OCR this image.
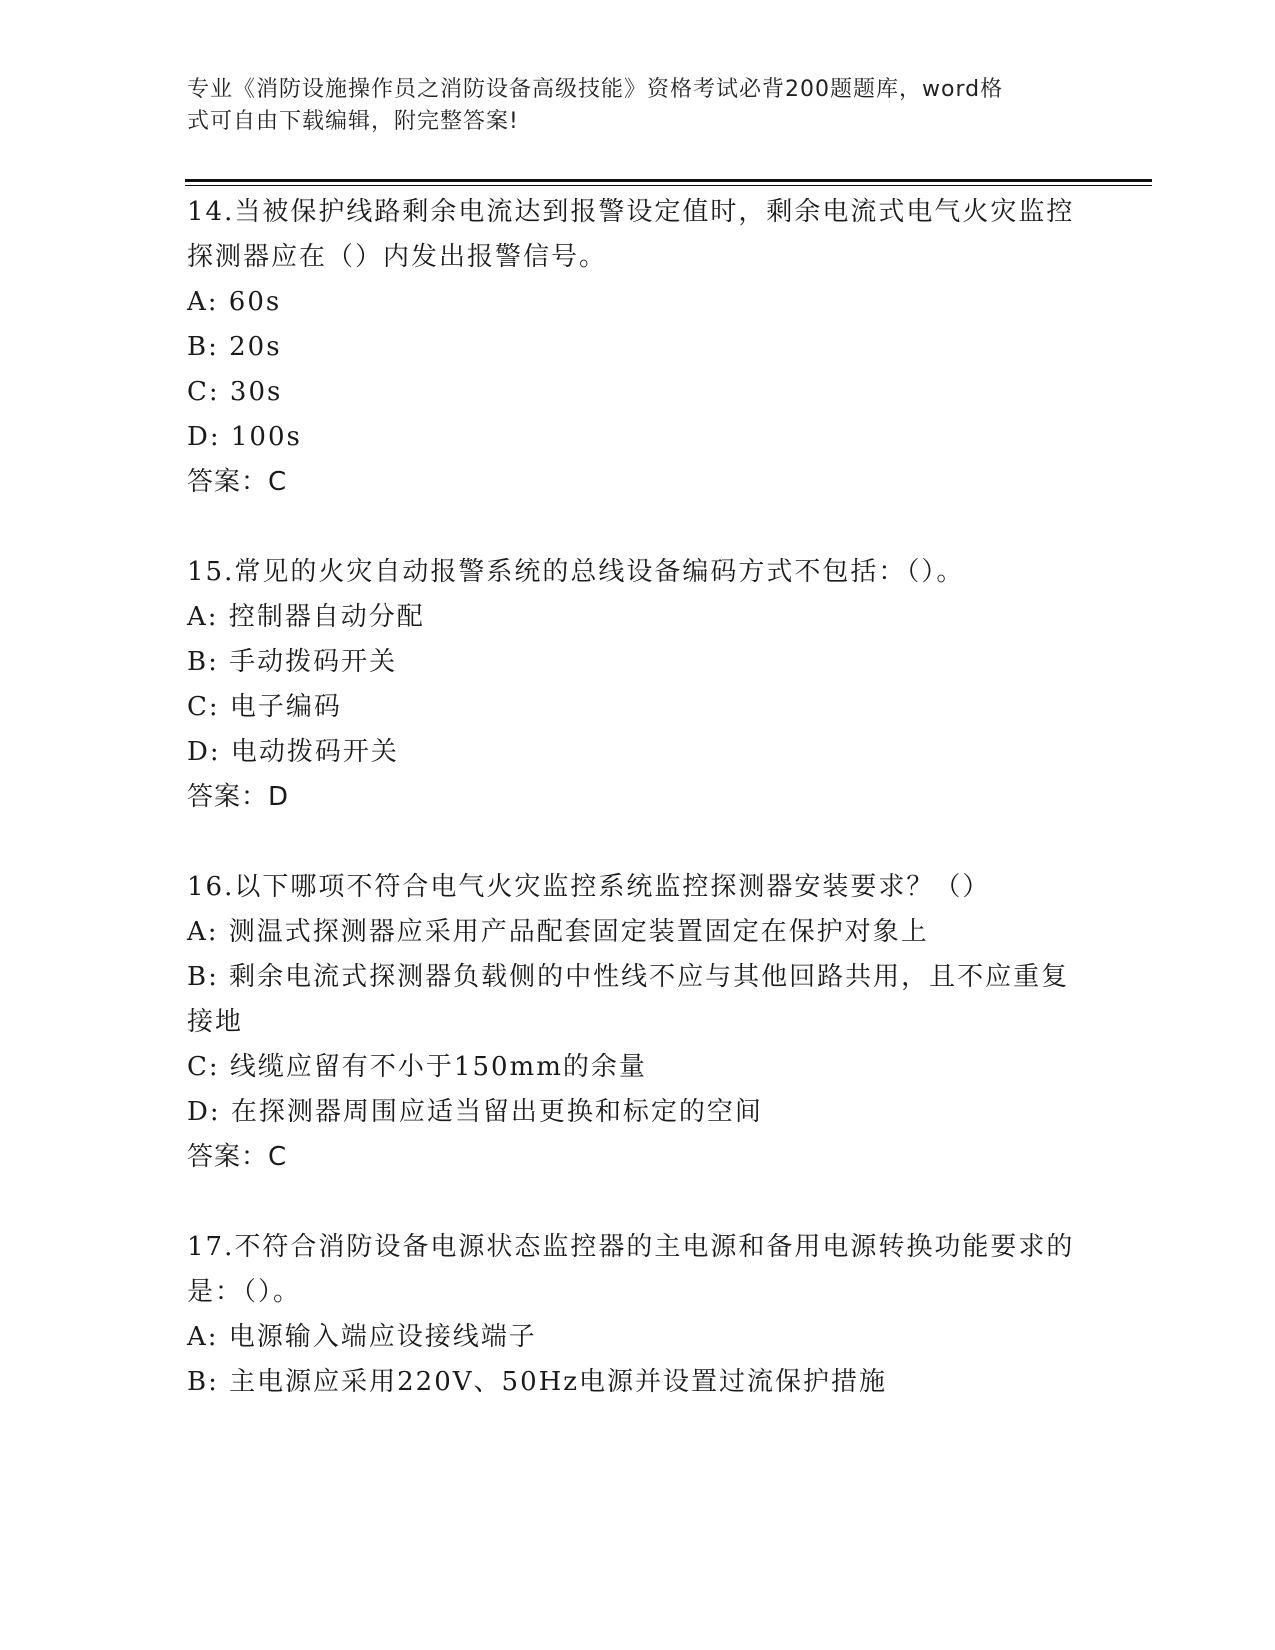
专业《消防设施操作员之消防设备高级技能》资格考试必背200题题库，word格
式可自由下载编辑，附完整答案!

14.当被保护线路剩余电流达到报警设定值时，剩余电流式电气火灾监控探测器应在（）内发出报警信号。

A: 60s

B: 20s

C: 30s

D: 100s

答案：C

15.常见的火灾自动报警系统的总线设备编码方式不包括：（）。

A: 控制器自动分配

B: 手动拨码开关

C: 电子编码

D: 电动拨码开关

答案：D

16.以下哪项不符合电气火灾监控系统监控探测器安装要求？（）

A: 测温式探测器应采用产品配套固定装置固定在保护对象上

B: 剩余电流式探测器负载侧的中性线不应与其他回路共用，且不应重复接地

C: 线缆应留有不小于150mm的余量

D: 在探测器周围应适当留出更换和标定的空间

答案：C

17.不符合消防设备电源状态监控器的主电源和备用电源转换功能要求的是：（）。

A: 电源输入端应设接线端子

B: 主电源应采用220V、50Hz电源并设置过流保护措施
